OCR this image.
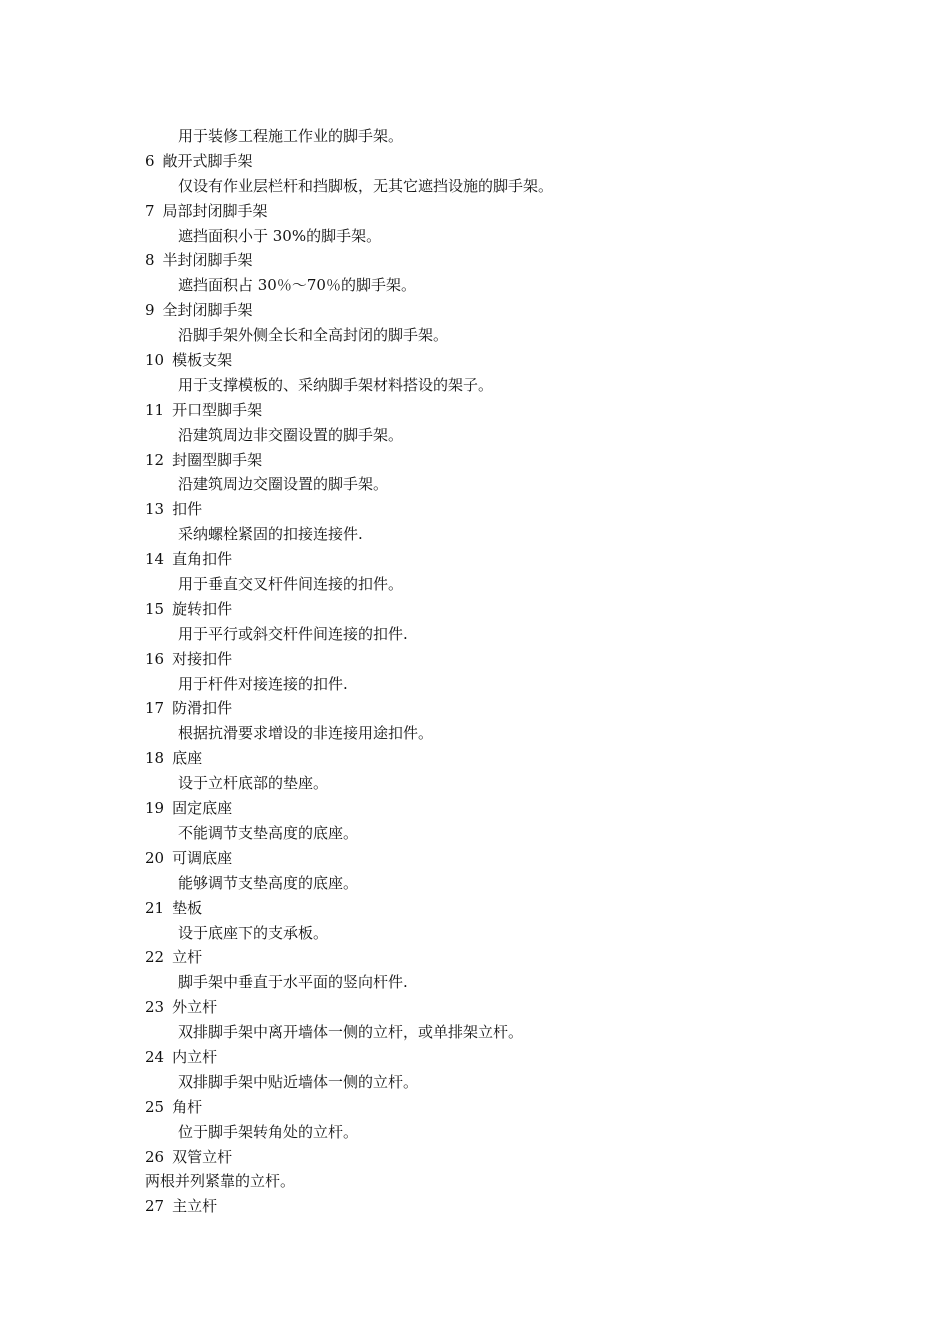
用于装修工程施工作业的脚手架。
6 敞开式脚手架
仅设有作业层栏杆和挡脚板，无其它遮挡设施的脚手架。
7 局部封闭脚手架
遮挡面积小于 30%的脚手架。
8 半封闭脚手架
遮挡面积占 30％～70％的脚手架。
9 全封闭脚手架
沿脚手架外侧全长和全高封闭的脚手架。
10 模板支架
用于支撑模板的、采纳脚手架材料搭设的架子。
11 开口型脚手架
沿建筑周边非交圈设置的脚手架。
12 封圈型脚手架
沿建筑周边交圈设置的脚手架。
13 扣件
采纳螺栓紧固的扣接连接件.
14 直角扣件
用于垂直交叉杆件间连接的扣件。
15 旋转扣件
用于平行或斜交杆件间连接的扣件.
16 对接扣件
用于杆件对接连接的扣件.
17 防滑扣件
根据抗滑要求增设的非连接用途扣件。
18 底座
设于立杆底部的垫座。
19 固定底座
不能调节支垫高度的底座。
20 可调底座
能够调节支垫高度的底座。
21 垫板
设于底座下的支承板。
22 立杆
脚手架中垂直于水平面的竖向杆件.
23 外立杆
双排脚手架中离开墙体一侧的立杆，或单排架立杆。
24 内立杆
双排脚手架中贴近墙体一侧的立杆。
25 角杆
位于脚手架转角处的立杆。
26 双管立杆
两根并列紧靠的立杆。
27 主立杆
